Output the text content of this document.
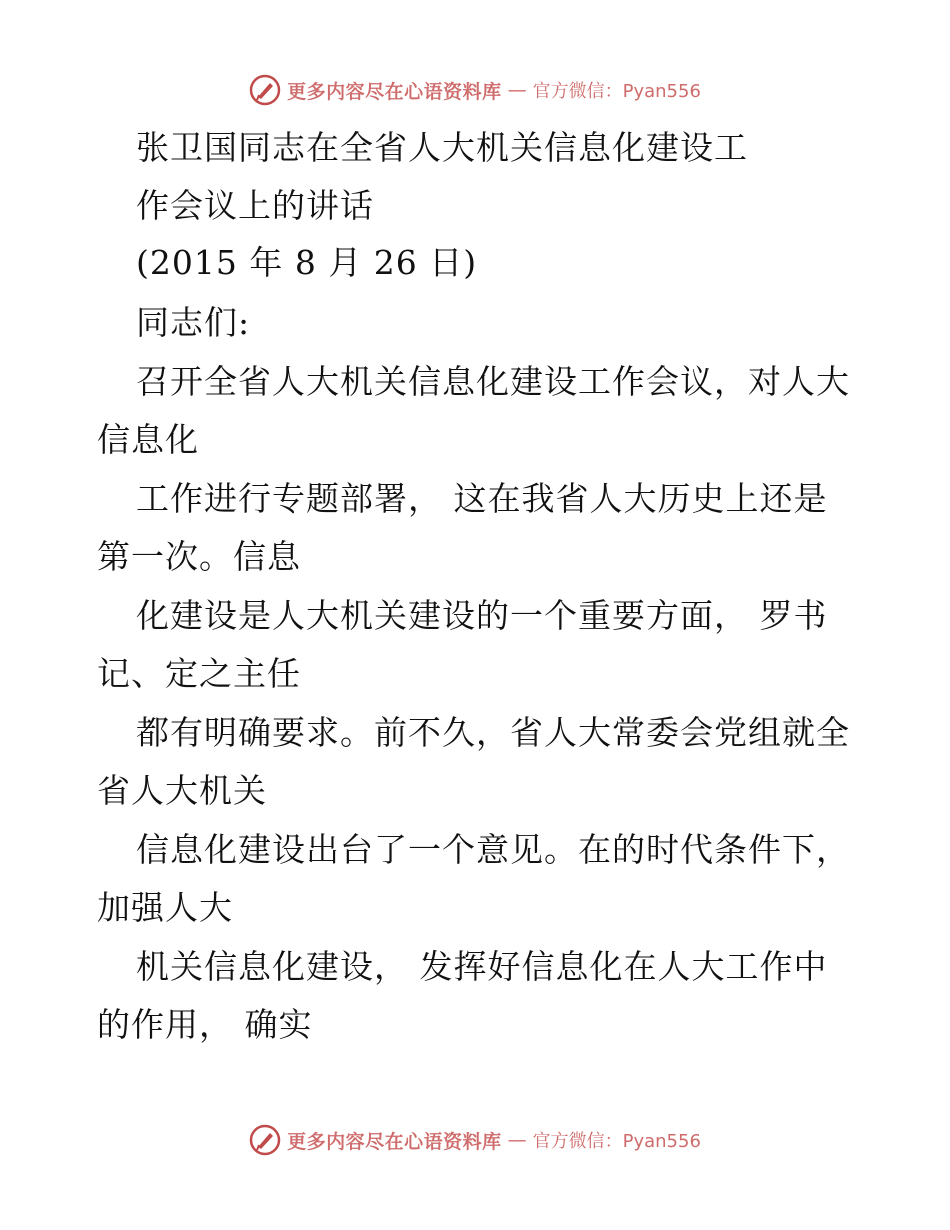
更多内容尽在心语资料库 — 官方微信：Pyan556
张卫国同志在全省人大机关信息化建设工
作会议上的讲话
(2015 年 8 月 26 日)
同志们:
召开全省人大机关信息化建设工作会议，对人大
信息化
工作进行专题部署， 这在我省人大历史上还是
第一次。信息
化建设是人大机关建设的一个重要方面， 罗书
记、定之主任
都有明确要求。前不久，省人大常委会党组就全
省人大机关
信息化建设出台了一个意见。在的时代条件下，
加强人大
机关信息化建设， 发挥好信息化在人大工作中
的作用， 确实
更多内容尽在心语资料库 — 官方微信：Pyan556
